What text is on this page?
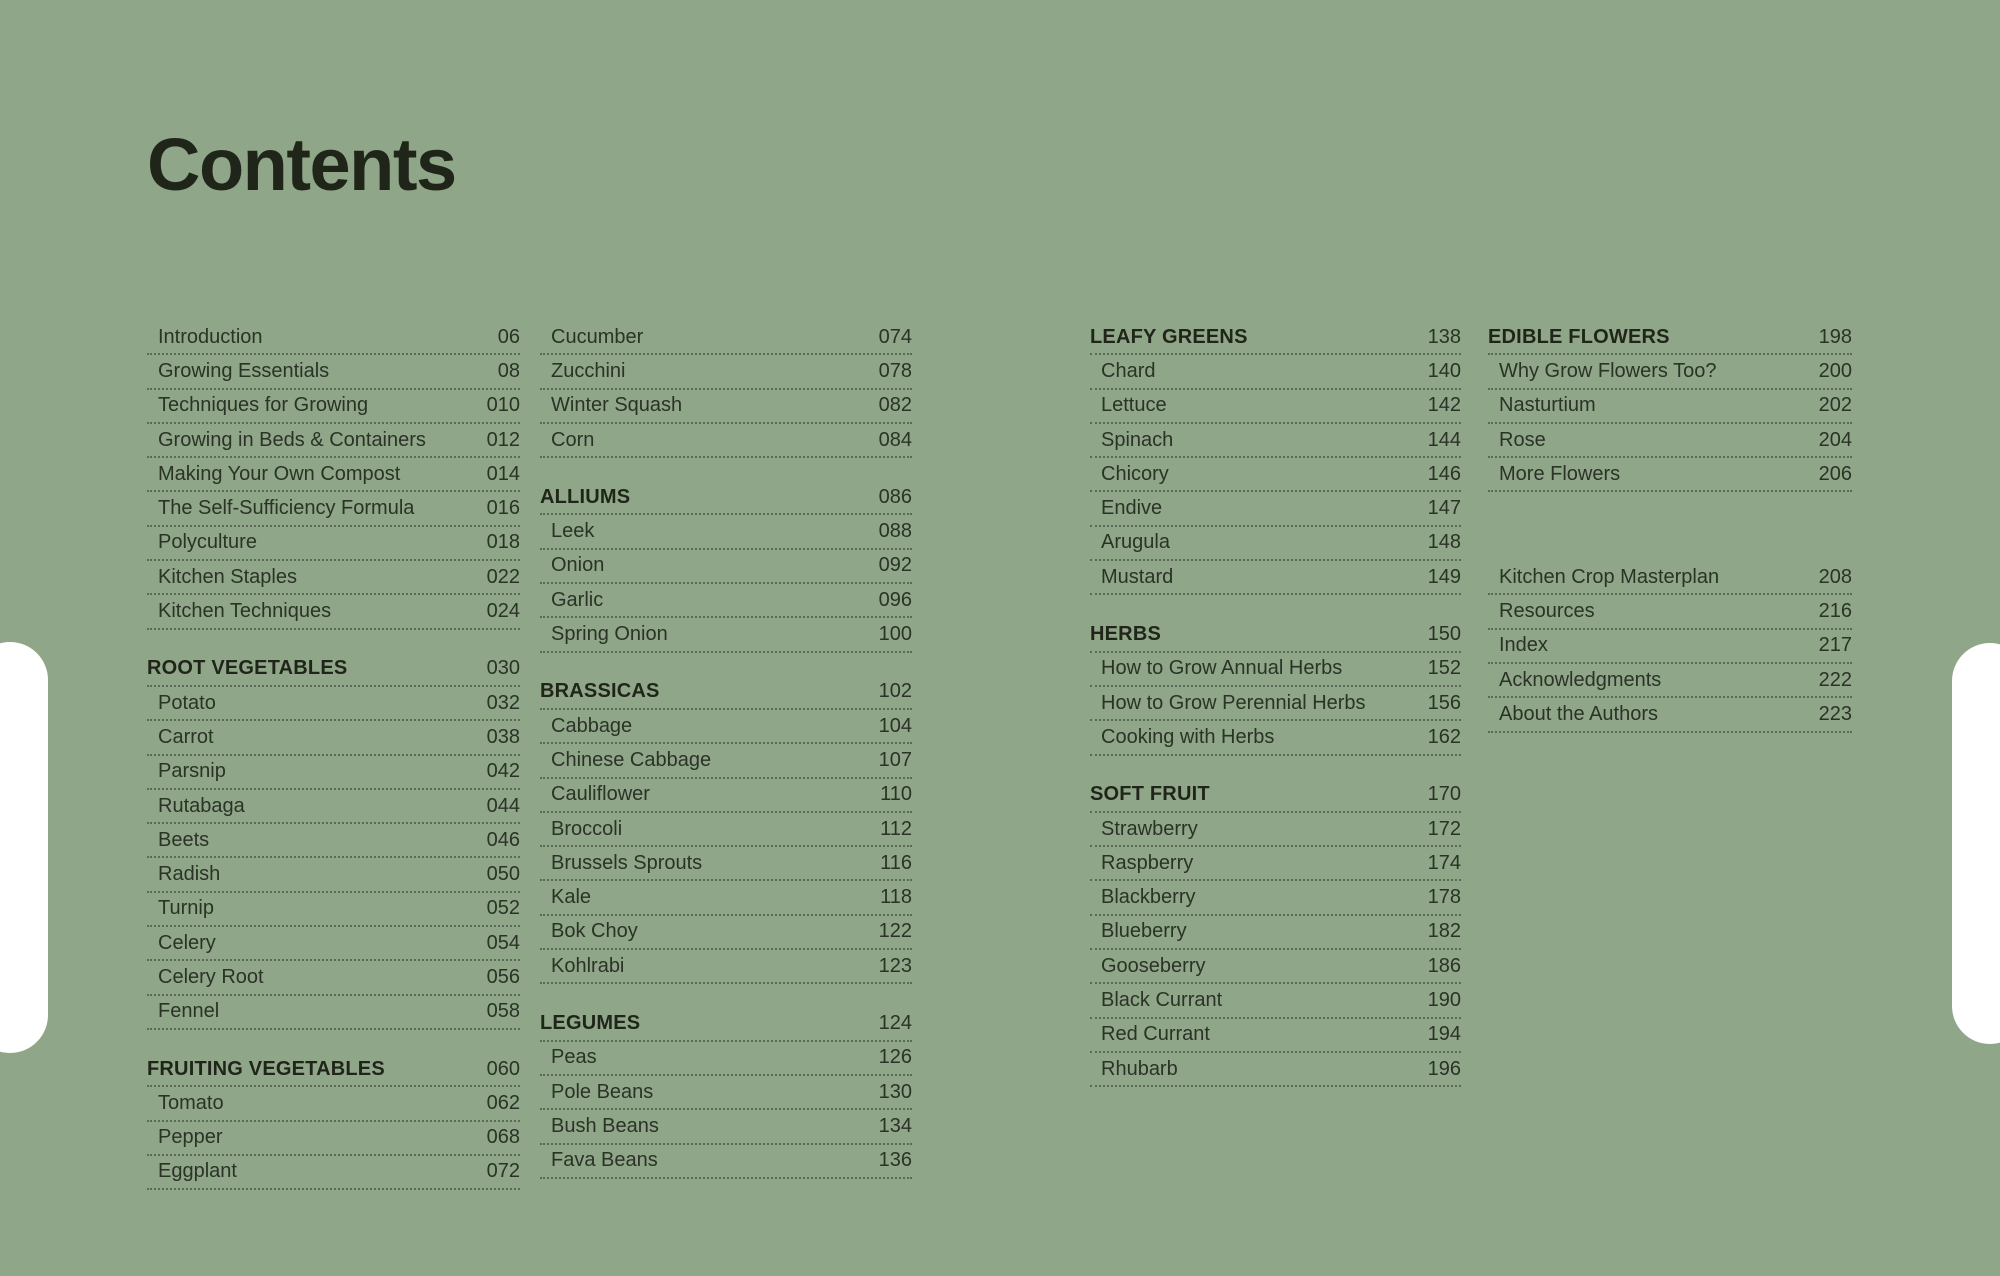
Contents
Introduction	06
Growing Essentials	08
Techniques for Growing	010
Growing in Beds & Containers	012
Making Your Own Compost	014
The Self-Sufficiency Formula	016
Polyculture	018
Kitchen Staples	022
Kitchen Techniques	024
ROOT VEGETABLES	030
Potato	032
Carrot	038
Parsnip	042
Rutabaga	044
Beets	046
Radish	050
Turnip	052
Celery	054
Celery Root	056
Fennel	058
FRUITING VEGETABLES	060
Tomato	062
Pepper	068
Eggplant	072
Cucumber	074
Zucchini	078
Winter Squash	082
Corn	084
ALLIUMS	086
Leek	088
Onion	092
Garlic	096
Spring Onion	100
BRASSICAS	102
Cabbage	104
Chinese Cabbage	107
Cauliflower	110
Broccoli	112
Brussels Sprouts	116
Kale	118
Bok Choy	122
Kohlrabi	123
LEGUMES	124
Peas	126
Pole Beans	130
Bush Beans	134
Fava Beans	136
LEAFY GREENS	138
Chard	140
Lettuce	142
Spinach	144
Chicory	146
Endive	147
Arugula	148
Mustard	149
HERBS	150
How to Grow Annual Herbs	152
How to Grow Perennial Herbs	156
Cooking with Herbs	162
SOFT FRUIT	170
Strawberry	172
Raspberry	174
Blackberry	178
Blueberry	182
Gooseberry	186
Black Currant	190
Red Currant	194
Rhubarb	196
EDIBLE FLOWERS	198
Why Grow Flowers Too?	200
Nasturtium	202
Rose	204
More Flowers	206
Kitchen Crop Masterplan	208
Resources	216
Index	217
Acknowledgments	222
About the Authors	223
